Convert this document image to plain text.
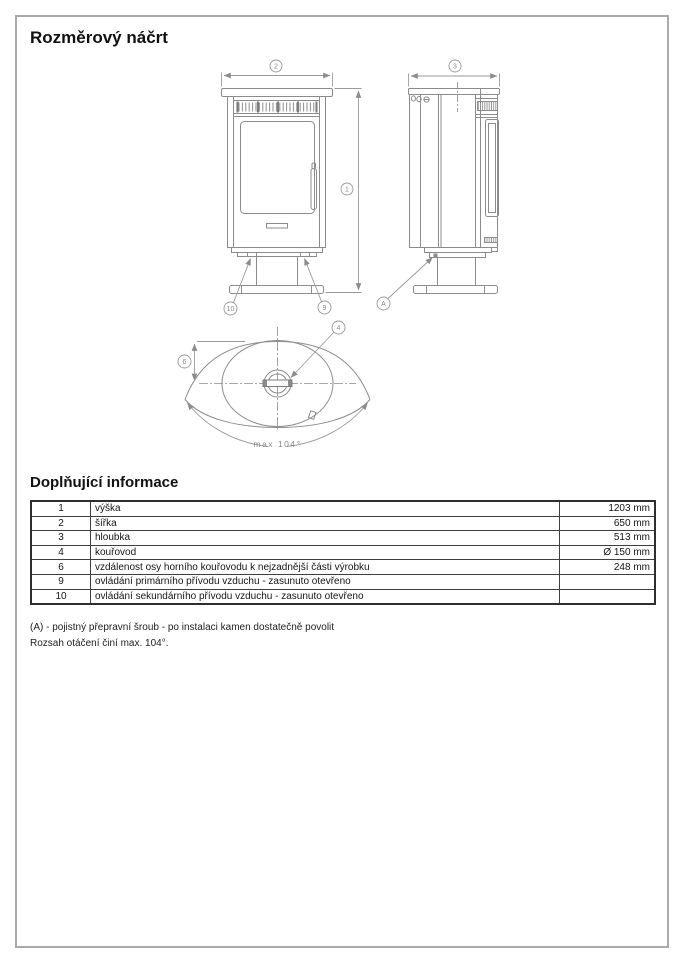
Rozměrový náčrt
2
1
10	9
3
A
6
4
max 104°
Doplňující informace
1	výška	1203 mm
2	šířka	650 mm
3	hloubka	513 mm
4	kouřovod	Ø 150 mm
6	vzdálenost osy horního kouřovodu k nejzadnější části výrobku	248 mm
9	ovládání primárního přívodu vzduchu - zasunuto otevřeno	
10	ovládání sekundárního přívodu vzduchu - zasunuto otevřeno	
(A) - pojistný přepravní šroub - po instalaci kamen dostatečně povolit
Rozsah otáčení činí max. 104°.
